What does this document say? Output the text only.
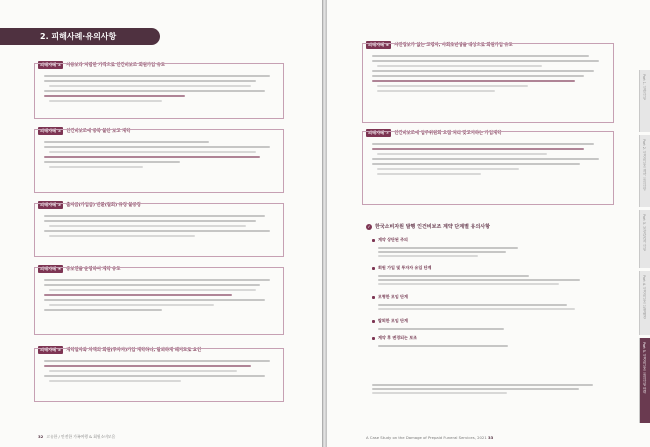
2. 피해사례·유의사항
피해사례 ①	사용보다 저렴한 가격으로 인건비보조 회원가입 유도
피해사례 ②	인건비보조에 중복 불안 보고 계약
피해사례 ③	출자금(가입금) 반환(철회) 규정 불공정
피해사례 ④	중보연을 운영하여 계약 유도
피해사례 ⑤	계약일자와 차액의 회원(투자자)가입 계약하나, 탈퇴하게 해지도로 요인
32 고유한 / 안전한 가족여행 & 회원소비모음
피해사례 ⑥	사전정보가 없는 고령자, 사회초년생을 대상으로 회원가입 유도
피해사례 ⑦	인건비보조에 업주위원회 오접 처리 맞고지하는 가입계약
A Case Study on the Damage of Prepaid Funeral Services, 2021 33
Part 1. 일반사항
Part 2. 인건비보조 계약 유의사항
Part 3. 보장관리자 사항
Part 4. 인건비보조 분쟁해결
Part 5. 인건비보조 유의사항 안내
✓ 한국소비자원 발행 인건비보조 계약 단계별 유의사항
계약 상단된 주의
회원 가입 및 투자자 유입 단계
모형한 모임 단계
탈퇴한 모임 단계
계약 후 변경되는 보조
